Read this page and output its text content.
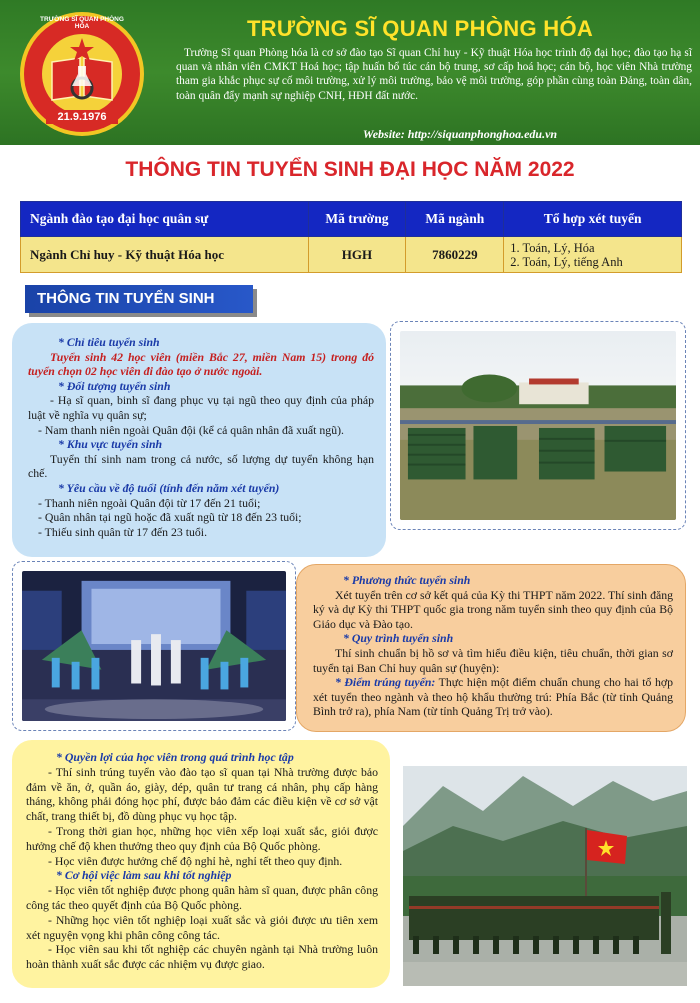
21.9.1976
TRƯỜNG SĨ QUAN PHÒNG HÓA	TRƯỜNG SĨ QUAN PHÒNG HÓA
Trường Sĩ quan Phòng hóa là cơ sở đào tạo Sĩ quan Chỉ huy - Kỹ thuật Hóa học trình độ đại học; đào tạo hạ sĩ quan và nhân viên CMKT Hoá học; tập huấn bổ túc cán bộ trung, sơ cấp hoá học; cán bộ, học viên Nhà trường tham gia khắc phục sự cố môi trường, xử lý môi trường, bảo vệ môi trường, góp phần cùng toàn Đảng, toàn dân, toàn quân đẩy mạnh sự nghiệp CNH, HĐH đất nước.
Website: http://siquanphonghoa.edu.vn
THÔNG TIN TUYỂN SINH ĐẠI HỌC NĂM 2022
Ngành đào tạo đại học quân sự	Mã trường	Mã ngành	Tổ hợp xét tuyển
Ngành Chỉ huy - Kỹ thuật Hóa học	HGH	7860229	1. Toán, Lý, Hóa
2. Toán, Lý, tiếng Anh
THÔNG TIN TUYỂN SINH
* Chỉ tiêu tuyển sinh
Tuyển sinh 42 học viên (miền Bắc 27, miền Nam 15) trong đó tuyển chọn 02 học viên đi đào tạo ở nước ngoài.
* Đối tượng tuyển sinh
- Hạ sĩ quan, binh sĩ đang phục vụ tại ngũ theo quy định của pháp luật về nghĩa vụ quân sự;
- Nam thanh niên ngoài Quân đội (kể cả quân nhân đã xuất ngũ).
* Khu vực tuyển sinh
Tuyển thí sinh nam trong cả nước, số lượng dự tuyển không hạn chế.
* Yêu cầu về độ tuổi (tính đến năm xét tuyển)
- Thanh niên ngoài Quân đội từ 17 đến 21 tuổi;
- Quân nhân tại ngũ hoặc đã xuất ngũ từ 18 đến 23 tuổi;
- Thiếu sinh quân từ 17 đến 23 tuổi.
* Phương thức tuyển sinh
Xét tuyển trên cơ sở kết quả của Kỳ thi THPT năm 2022. Thí sinh đăng ký và dự Kỳ thi THPT quốc gia trong năm tuyển sinh theo quy định của Bộ Giáo dục và Đào tạo.
* Quy trình tuyển sinh
Thí sinh chuẩn bị hồ sơ và tìm hiểu điều kiện, tiêu chuẩn, thời gian sơ tuyển tại Ban Chỉ huy quân sự (huyện):
* Điểm trúng tuyển: Thực hiện một điểm chuẩn chung cho hai tổ hợp xét tuyển theo ngành và theo hộ khẩu thường trú: Phía Bắc (từ tỉnh Quảng Bình trở ra), phía Nam (từ tỉnh Quảng Trị trở vào).
* Quyền lợi của học viên trong quá trình học tập
- Thí sinh trúng tuyển vào đào tạo sĩ quan tại Nhà trường được bảo đảm về ăn, ở, quần áo, giày, dép, quân tư trang cá nhân, phụ cấp hàng tháng, không phải đóng học phí, được bảo đảm các điều kiện về cơ sở vật chất, trang thiết bị, đồ dùng phục vụ học tập.
- Trong thời gian học, những học viên xếp loại xuất sắc, giỏi được hưởng chế độ khen thưởng theo quy định của Bộ Quốc phòng.
- Học viên được hưởng chế độ nghỉ hè, nghỉ tết theo quy định.
* Cơ hội việc làm sau khi tốt nghiệp
- Học viên tốt nghiệp được phong quân hàm sĩ quan, được phân công công tác theo quyết định của Bộ Quốc phòng.
- Những học viên tốt nghiệp loại xuất sắc và giỏi được ưu tiên xem xét nguyện vọng khi phân công công tác.
- Học viên sau khi tốt nghiệp các chuyên ngành tại Nhà trường luôn hoàn thành xuất sắc được các nhiệm vụ được giao.
